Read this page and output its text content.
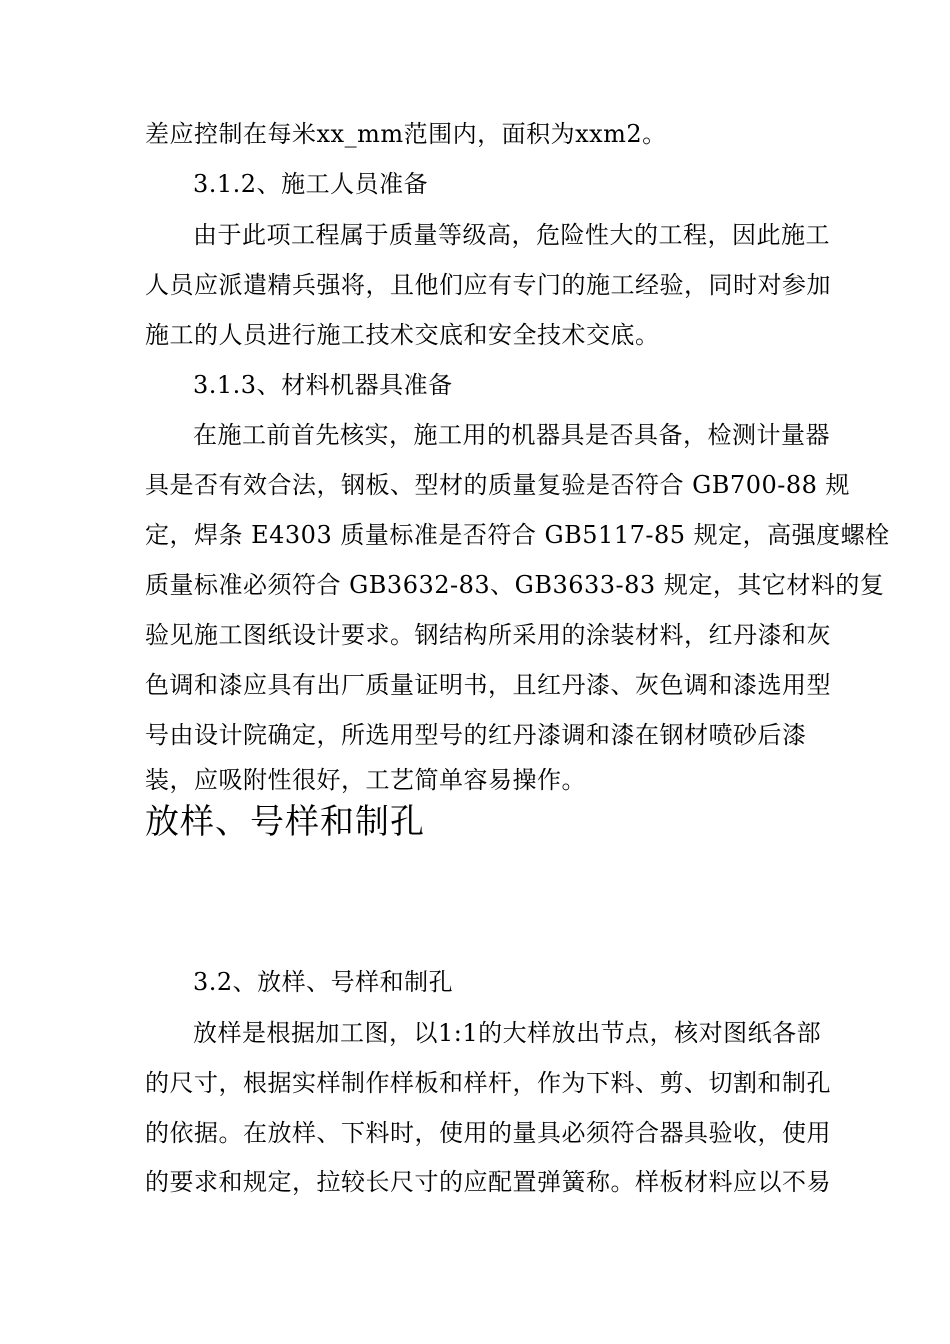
差应控制在每米xx_mm范围内，面积为xxm2。
3.1.2、施工人员准备
由于此项工程属于质量等级高，危险性大的工程，因此施工
人员应派遣精兵强将，且他们应有专门的施工经验，同时对参加
施工的人员进行施工技术交底和安全技术交底。
3.1.3、材料机器具准备
在施工前首先核实，施工用的机器具是否具备，检测计量器
具是否有效合法，钢板、型材的质量复验是否符合 GB700-88 规
定，焊条 E4303 质量标准是否符合 GB5117-85 规定，高强度螺栓
质量标准必须符合 GB3632-83、GB3633-83 规定，其它材料的复
验见施工图纸设计要求。钢结构所采用的涂装材料，红丹漆和灰
色调和漆应具有出厂质量证明书，且红丹漆、灰色调和漆选用型
号由设计院确定，所选用型号的红丹漆调和漆在钢材喷砂后漆
装，应吸附性很好，工艺简单容易操作。
放样、号样和制孔
3.2、放样、号样和制孔
放样是根据加工图，以1:1的大样放出节点，核对图纸各部
的尺寸，根据实样制作样板和样杆，作为下料、剪、切割和制孔
的依据。在放样、下料时，使用的量具必须符合器具验收，使用
的要求和规定，拉较长尺寸的应配置弹簧称。样板材料应以不易
